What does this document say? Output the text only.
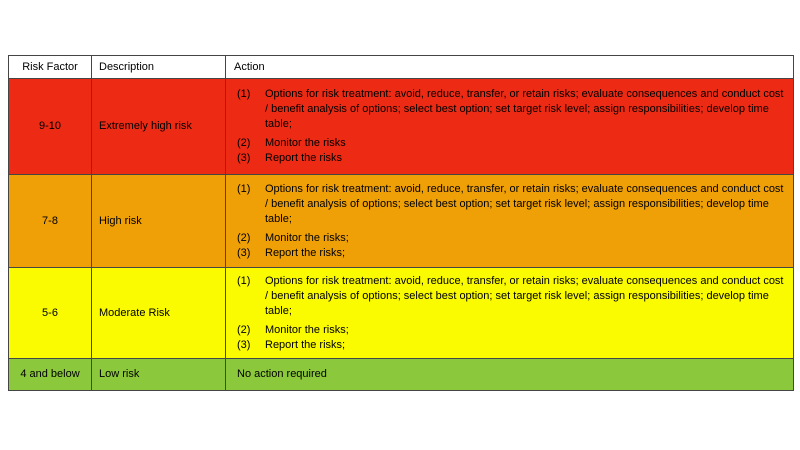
Risk Factor	Description	Action
9-10	Extremely high risk	(1) Options for risk treatment: avoid, reduce, transfer, or retain risks; evaluate consequences and conduct cost / benefit analysis of options; select best option; set target risk level; assign responsibilities; develop time table;
(2) Monitor the risks
(3) Report the risks

7-8	High risk	(1) Options for risk treatment: avoid, reduce, transfer, or retain risks; evaluate consequences and conduct cost / benefit analysis of options; select best option; set target risk level; assign responsibilities; develop time table;
(2) Monitor the risks;
(3) Report the risks;

5-6	Moderate Risk	(1) Options for risk treatment: avoid, reduce, transfer, or retain risks; evaluate consequences and conduct cost / benefit analysis of options; select best option; set target risk level; assign responsibilities; develop time table;
(2) Monitor the risks;
(3) Report the risks;

4 and below	Low risk	No action required
